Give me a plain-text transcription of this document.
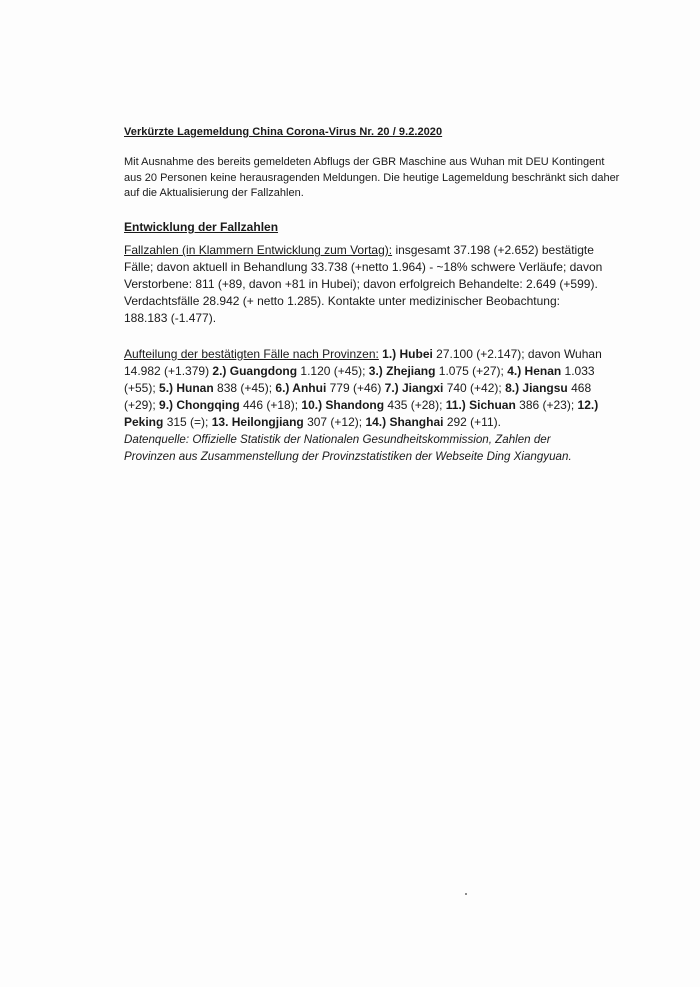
Verkürzte Lagemeldung China Corona-Virus Nr. 20 / 9.2.2020
Mit Ausnahme des bereits gemeldeten Abflugs der GBR Maschine aus Wuhan mit DEU Kontingent aus 20 Personen keine herausragenden Meldungen. Die heutige Lagemeldung beschränkt sich daher auf die Aktualisierung der Fallzahlen.
Entwicklung der Fallzahlen
Fallzahlen (in Klammern Entwicklung zum Vortag): insgesamt 37.198 (+2.652) bestätigte Fälle; davon aktuell in Behandlung 33.738 (+netto 1.964) - ~18% schwere Verläufe; davon Verstorbene: 811 (+89, davon +81 in Hubei); davon erfolgreich Behandelte: 2.649 (+599). Verdachtsfälle 28.942 (+ netto 1.285). Kontakte unter medizinischer Beobachtung: 188.183 (-1.477).
Aufteilung der bestätigten Fälle nach Provinzen: 1.) Hubei 27.100 (+2.147); davon Wuhan 14.982 (+1.379) 2.) Guangdong 1.120 (+45); 3.) Zhejiang 1.075 (+27); 4.) Henan 1.033 (+55); 5.) Hunan 838 (+45); 6.) Anhui 779 (+46) 7.) Jiangxi 740 (+42); 8.) Jiangsu 468 (+29); 9.) Chongqing 446 (+18); 10.) Shandong 435 (+28); 11.) Sichuan 386 (+23); 12.) Peking 315 (=); 13. Heilongjiang 307 (+12); 14.) Shanghai 292 (+11).
Datenquelle: Offizielle Statistik der Nationalen Gesundheitskommission, Zahlen der Provinzen aus Zusammenstellung der Provinzstatistiken der Webseite Ding Xiangyuan.
